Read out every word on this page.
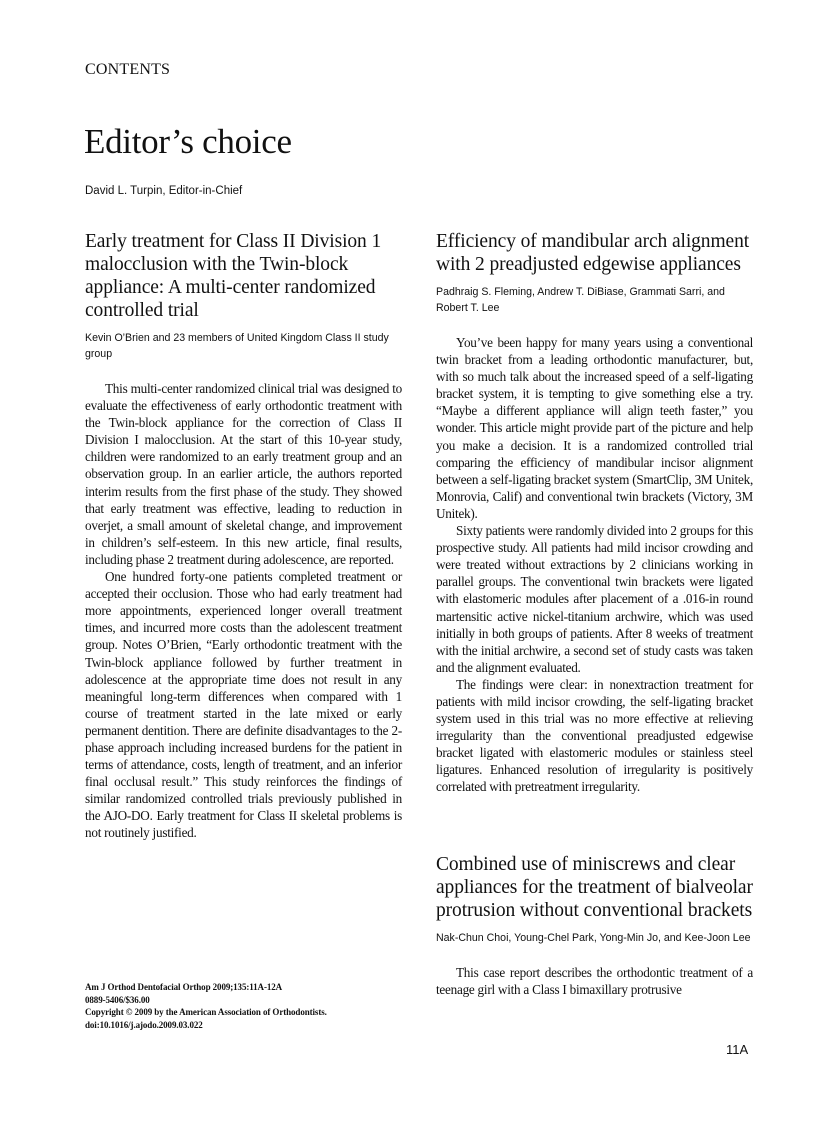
CONTENTS
Editor’s choice
David L. Turpin, Editor-in-Chief
Early treatment for Class II Division 1 malocclusion with the Twin-block appliance: A multi-center randomized controlled trial
Kevin O’Brien and 23 members of United Kingdom Class II study group

This multi-center randomized clinical trial was designed to evaluate the effectiveness of early orthodontic treatment with the Twin-block appliance for the correction of Class II Division I malocclusion. At the start of this 10-year study, children were randomized to an early treatment group and an observation group. In an earlier article, the authors reported interim results from the first phase of the study. They showed that early treatment was effective, leading to reduction in overjet, a small amount of skeletal change, and improvement in children’s self-esteem. In this new article, final results, including phase 2 treatment during adolescence, are reported.

One hundred forty-one patients completed treatment or accepted their occlusion. Those who had early treatment had more appointments, experienced longer overall treatment times, and incurred more costs than the adolescent treatment group. Notes O’Brien, “Early orthodontic treatment with the Twin-block appliance followed by further treatment in adolescence at the appropriate time does not result in any meaningful long-term differences when compared with 1 course of treatment started in the late mixed or early permanent dentition. There are definite disadvantages to the 2-phase approach including increased burdens for the patient in terms of attendance, costs, length of treatment, and an inferior final occlusal result.” This study reinforces the findings of similar randomized controlled trials previously published in the AJO-DO. Early treatment for Class II skeletal problems is not routinely justified.

Efficiency of mandibular arch alignment with 2 preadjusted edgewise appliances
Padhraig S. Fleming, Andrew T. DiBiase, Grammati Sarri, and Robert T. Lee

You’ve been happy for many years using a conventional twin bracket from a leading orthodontic manufacturer, but, with so much talk about the increased speed of a self-ligating bracket system, it is tempting to give something else a try. “Maybe a different appliance will align teeth faster,” you wonder. This article might provide part of the picture and help you make a decision. It is a randomized controlled trial comparing the efficiency of mandibular incisor alignment between a self-ligating bracket system (SmartClip, 3M Unitek, Monrovia, Calif) and conventional twin brackets (Victory, 3M Unitek).

Sixty patients were randomly divided into 2 groups for this prospective study. All patients had mild incisor crowding and were treated without extractions by 2 clinicians working in parallel groups. The conventional twin brackets were ligated with elastomeric modules after placement of a .016-in round martensitic active nickel-titanium archwire, which was used initially in both groups of patients. After 8 weeks of treatment with the initial archwire, a second set of study casts was taken and the alignment evaluated.

The findings were clear: in nonextraction treatment for patients with mild incisor crowding, the self-ligating bracket system used in this trial was no more effective at relieving irregularity than the conventional preadjusted edgewise bracket ligated with elastomeric modules or stainless steel ligatures. Enhanced resolution of irregularity is positively correlated with pretreatment irregularity.

Combined use of miniscrews and clear appliances for the treatment of bialveolar protrusion without conventional brackets
Nak-Chun Choi, Young-Chel Park, Yong-Min Jo, and Kee-Joon Lee

This case report describes the orthodontic treatment of a teenage girl with a Class I bimaxillary protrusive

Am J Orthod Dentofacial Orthop 2009;135:11A-12A
0889-5406/$36.00
Copyright © 2009 by the American Association of Orthodontists.
doi:10.1016/j.ajodo.2009.03.022
11A
